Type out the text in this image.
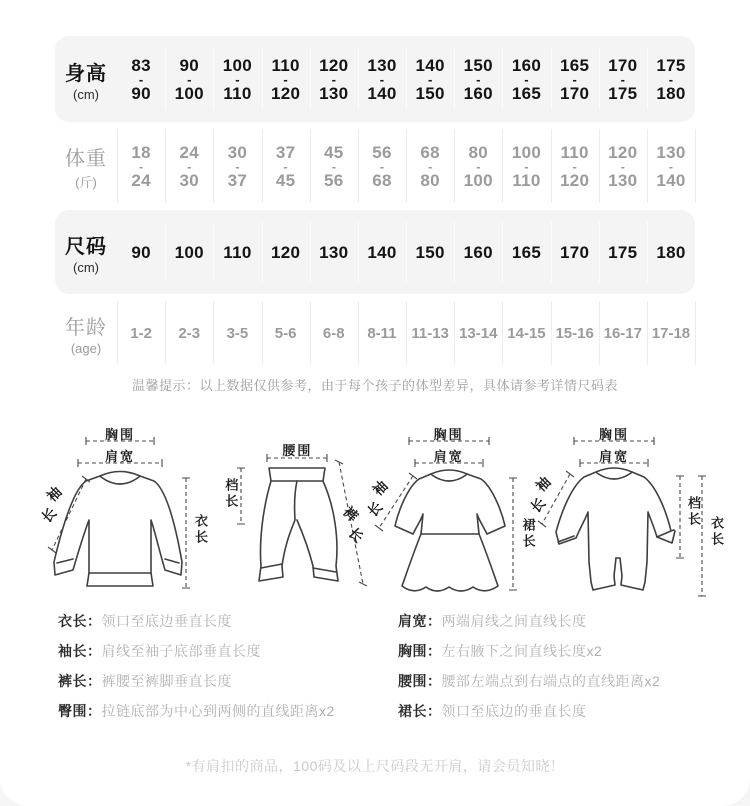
身高
(cm)
83
-
90
90
-
100
100
-
110
110
-
120
120
-
130
130
-
140
140
-
150
150
-
160
160
-
165
165
-
170
170
-
175
175
-
180
体重
(斤)
18
-
24
24
-
30
30
-
37
37
-
45
45
-
56
56
-
68
68
-
80
80
-
100
100
-
110
110
-
120
120
-
130
130
-
140
尺码
(cm)
90 100 110 120 130 140 150 160 165 170 175 180
年龄
(age)
1-2 2-3 3-5 5-6 6-8 8-11 11-13 13-14 14-15 15-16 16-17 17-18
温馨提示：以上数据仅供参考，由于每个孩子的体型差异，具体请参考详情尺码表
胸围
肩宽
袖
长	衣长
腰围
档长
裤
长
胸围
肩宽
袖
长
裙长
胸围
肩宽
袖
长	档长
衣长
衣长：领口至底边垂直长度
袖长：肩线至袖子底部垂直长度
裤长：裤腰至裤脚垂直长度
臀围：拉链底部为中心到两侧的直线距离x2
肩宽：两端肩线之间直线长度
胸围：左右腋下之间直线长度x2
腰围：腰部左端点到右端点的直线距离x2
裙长：领口至底边的垂直长度
*有肩扣的商品，100码及以上尺码段无开肩，请会员知晓！
